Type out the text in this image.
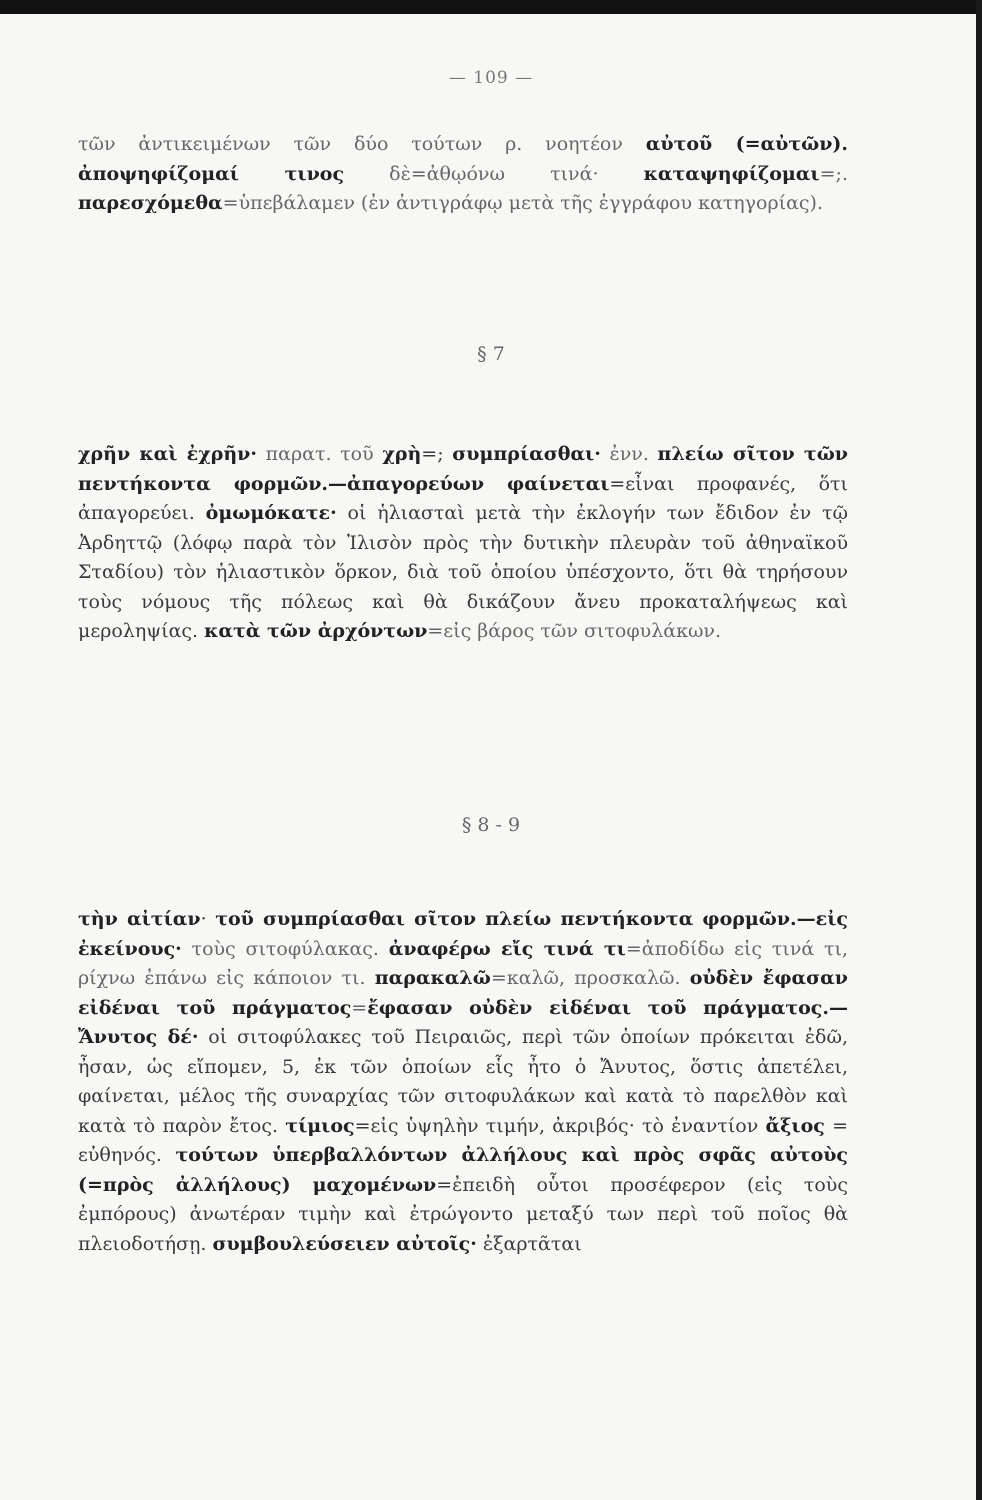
— 109 —

τῶν ἀντικειμένων τῶν δύο τούτων ρ. νοητέον αὐτοῦ (=αὐτῶν). ἀποψηφίζομαί τινος δὲ=ἀθῳόνω τινά· καταψηφίζομαι=;. παρεσχόμεθα=ὑπεβάλαμεν (ἐν ἀντιγράφῳ μετὰ τῆς ἐγγράφου κατηγορίας).

§ 7

χρῆν καὶ ἐχρῆν· παρατ. τοῦ χρὴ=; συμπρίασθαι· ἐνν. πλείω σῖτον τῶν πεντήκοντα φορμῶν.—ἀπαγορεύων φαίνεται=εἶναι προφανές, ὅτι ἀπαγορεύει. ὀμωμόκατε· οἱ ἡλιασταὶ μετὰ τὴν ἐκλογήν των ἔδιδον ἐν τῷ Ἀρδηττῷ (λόφῳ παρὰ τὸν Ἰλισὸν πρὸς τὴν δυτικὴν πλευρὰν τοῦ ἀθηναϊκοῦ Σταδίου) τὸν ἡλιαστικὸν ὅρκον, διὰ τοῦ ὁποίου ὑπέσχοντο, ὅτι θὰ τηρήσουν τοὺς νόμους τῆς πόλεως καὶ θὰ δικάζουν ἄνευ προκαταλήψεως καὶ μεροληψίας. κατὰ τῶν ἀρχόντων=εἰς βάρος τῶν σιτοφυλάκων.

§ 8 - 9

τὴν αἰτίαν· τοῦ συμπρίασθαι σῖτον πλείω πεντήκοντα φορμῶν.—εἰς ἐκείνους· τοὺς σιτοφύλακας. ἀναφέρω εἴς τινά τι=ἀποδίδω εἰς τινά τι, ρίχνω ἐπάνω εἰς κάποιον τι. παρακαλῶ=καλῶ, προσκαλῶ. οὐδὲν ἔφασαν εἰδέναι τοῦ πράγματος=ἔφασαν οὐδὲν εἰδέναι τοῦ πράγματος.—Ἄνυτος δέ· οἱ σιτοφύλακες τοῦ Πειραιῶς, περὶ τῶν ὁποίων πρόκειται ἐδῶ, ἦσαν, ὡς εἴπομεν, 5, ἐκ τῶν ὁποίων εἷς ἦτο ὁ Ἄνυτος, ὅστις ἀπετέλει, φαίνεται, μέλος τῆς συναρχίας τῶν σιτοφυλάκων καὶ κατὰ τὸ παρελθὸν καὶ κατὰ τὸ παρὸν ἔτος. τίμιος=εἰς ὑψηλὴν τιμήν, ἀκριβός· τὸ ἐναντίον ἄξιος = εὐθηνός. τούτων ὑπερβαλλόντων ἀλλήλους καὶ πρὸς σφᾶς αὐτοὺς (=πρὸς ἀλλήλους) μαχομένων=ἐπειδὴ οὗτοι προσέφερον (εἰς τοὺς ἐμπόρους) ἀνωτέραν τιμὴν καὶ ἐτρώγοντο μεταξύ των περὶ τοῦ ποῖος θὰ πλειοδοτήσῃ. συμβουλεύσειεν αὐτοῖς· ἐξαρτᾶται
